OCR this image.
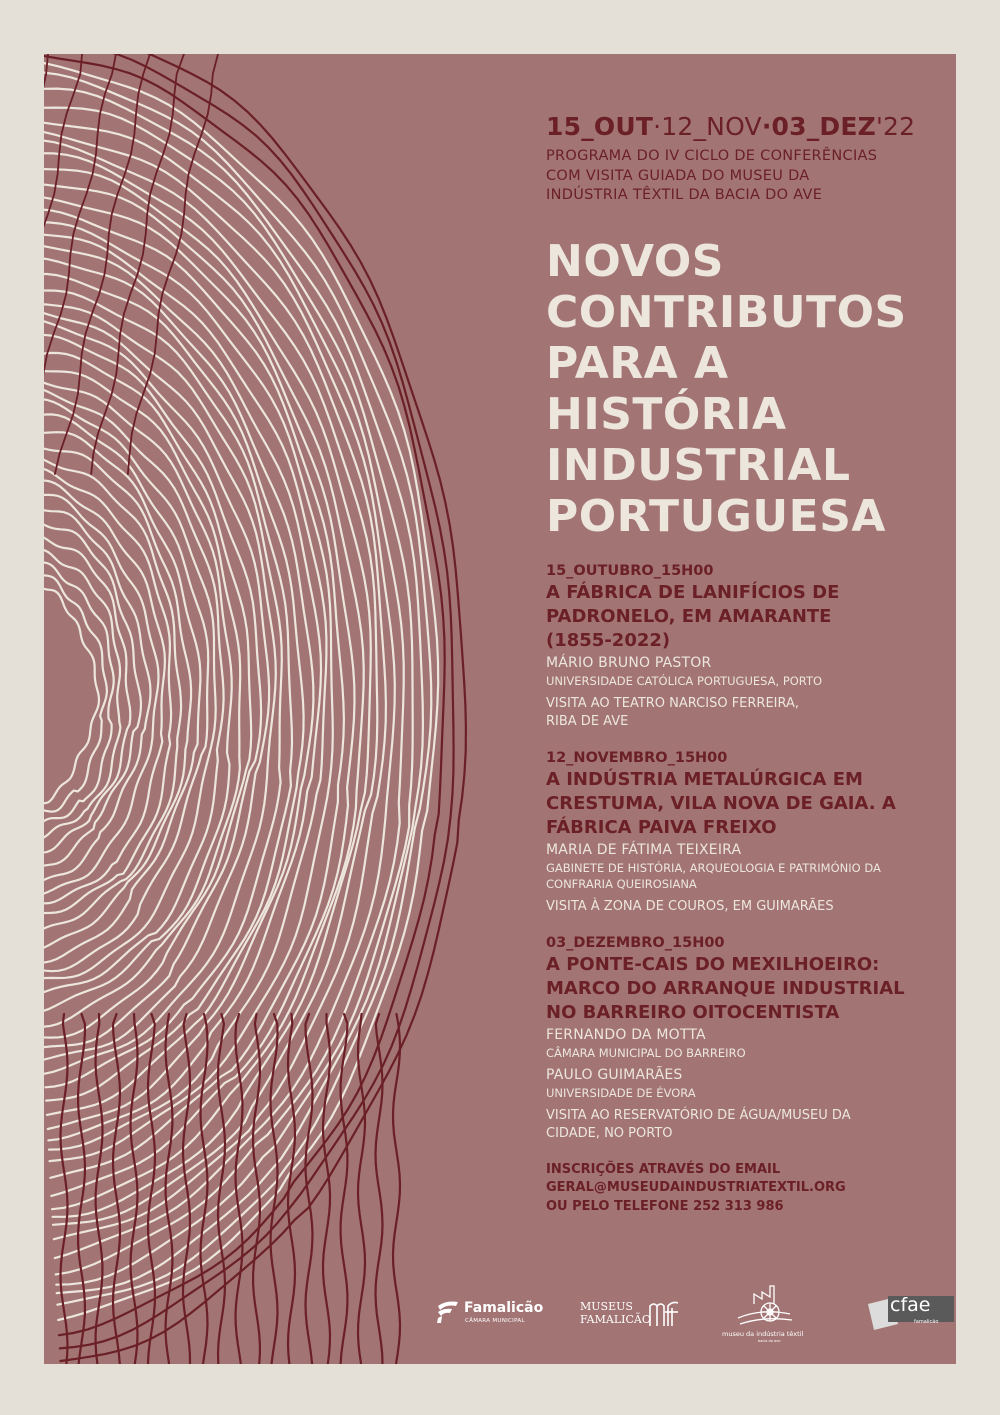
15_OUT·12_NOV·03_DEZ'22
PROGRAMA DO IV CICLO DE CONFERÊNCIAS
COM VISITA GUIADA DO MUSEU DA
INDÚSTRIA TÊXTIL DA BACIA DO AVE
NOVOS
CONTRIBUTOS
PARA A
HISTÓRIA
INDUSTRIAL
PORTUGUESA
15_OUTUBRO_15H00
A FÁBRICA DE LANIFÍCIOS DE
PADRONELO, EM AMARANTE
(1855-2022)
MÁRIO BRUNO PASTOR
UNIVERSIDADE CATÓLICA PORTUGUESA, PORTO
VISITA AO TEATRO NARCISO FERREIRA,
RIBA DE AVE
12_NOVEMBRO_15H00
A INDÚSTRIA METALÚRGICA EM
CRESTUMA, VILA NOVA DE GAIA. A
FÁBRICA PAIVA FREIXO
MARIA DE FÁTIMA TEIXEIRA
GABINETE DE HISTÓRIA, ARQUEOLOGIA E PATRIMÓNIO DA
CONFRARIA QUEIROSIANA
VISITA À ZONA DE COUROS, EM GUIMARÃES
03_DEZEMBRO_15H00
A PONTE-CAIS DO MEXILHOEIRO:
MARCO DO ARRANQUE INDUSTRIAL
NO BARREIRO OITOCENTISTA
FERNANDO DA MOTTA
CÂMARA MUNICIPAL DO BARREIRO
PAULO GUIMARÃES
UNIVERSIDADE DE ÉVORA
VISITA AO RESERVATÓRIO DE ÁGUA/MUSEU DA
CIDADE, NO PORTO
INSCRIÇÕES ATRAVÉS DO EMAIL
GERAL@MUSEUDAINDUSTRIATEXTIL.ORG
OU PELO TELEFONE 252 313 986
Famalicão
CÂMARA MUNICIPAL
MUSEUS
FAMALICÃO
museu da indústria têxtil
bacia do ave
cfae
famalicão
